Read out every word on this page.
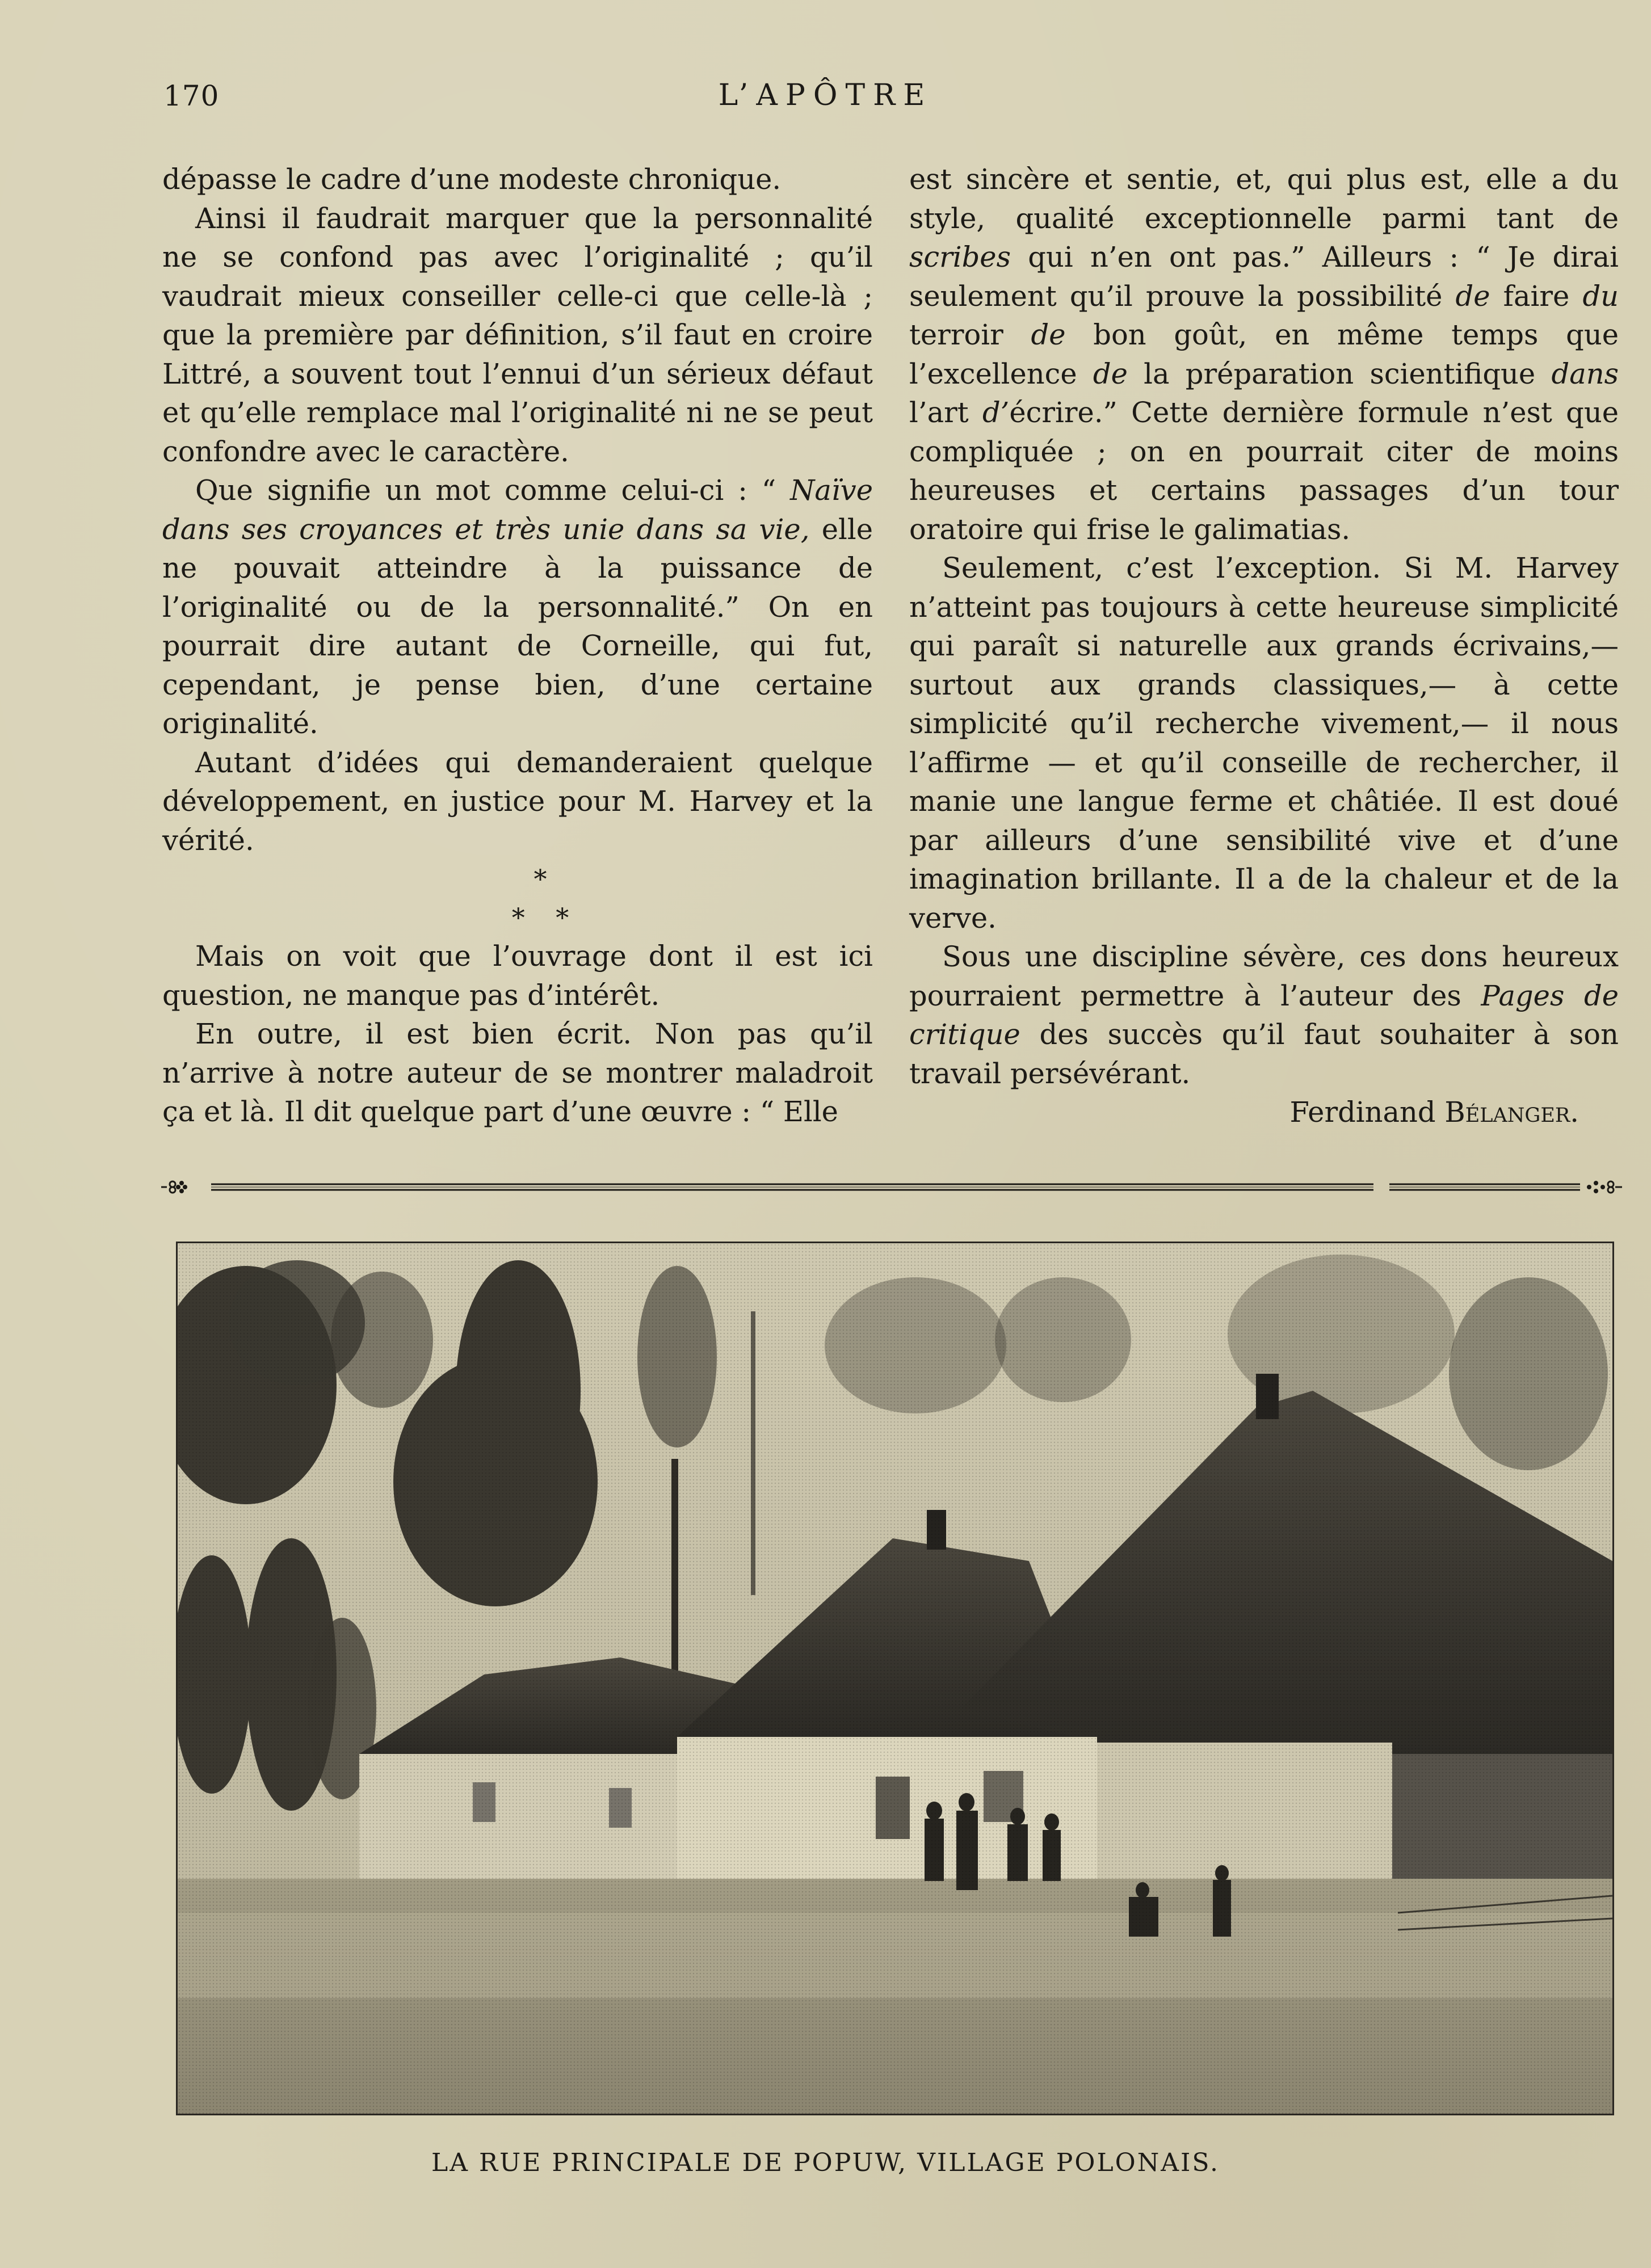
170	L’APÔTRE

dépasse le cadre d’une modeste chronique.

Ainsi il faudrait marquer que la personnalité ne se confond pas avec l’originalité ; qu’il vaudrait mieux conseiller celle-ci que celle-là ; que la première par définition, s’il faut en croire Littré, a souvent tout l’ennui d’un sérieux défaut et qu’elle remplace mal l’originalité ni ne se peut confondre avec le caractère.

Que signifie un mot comme celui-ci : “ Naïve dans ses croyances et très unie dans sa vie, elle ne pouvait atteindre à la puissance de l’originalité ou de la personnalité.” On en pourrait dire autant de Corneille, qui fut, cependant, je pense bien, d’une certaine originalité.

Autant d’idées qui demanderaient quelque développement, en justice pour M. Harvey et la vérité.

*

* *

Mais on voit que l’ouvrage dont il est ici question, ne manque pas d’intérêt.

En outre, il est bien écrit. Non pas qu’il n’arrive à notre auteur de se montrer maladroit ça et là. Il dit quelque part d’une œuvre : “ Elle

est sincère et sentie, et, qui plus est, elle a du style, qualité exceptionnelle parmi tant de scribes qui n’en ont pas.” Ailleurs : “ Je dirai seulement qu’il prouve la possibilité de faire du terroir de bon goût, en même temps que l’excellence de la préparation scientifique dans l’art d’écrire.” Cette dernière formule n’est que compliquée ; on en pourrait citer de moins heureuses et certains passages d’un tour oratoire qui frise le galimatias.

Seulement, c’est l’exception. Si M. Harvey n’atteint pas toujours à cette heureuse simplicité qui paraît si naturelle aux grands écrivains,— surtout aux grands classiques,— à cette simplicité qu’il recherche vivement,— il nous l’affirme — et qu’il conseille de rechercher, il manie une langue ferme et châtiée. Il est doué par ailleurs d’une sensibilité vive et d’une imagination brillante. Il a de la chaleur et de la verve.

Sous une discipline sévère, ces dons heureux pourraient permettre à l’auteur des Pages de critique des succès qu’il faut souhaiter à son travail persévérant.

Ferdinand Bélanger.

LA RUE PRINCIPALE DE POPUW, VILLAGE POLONAIS.
